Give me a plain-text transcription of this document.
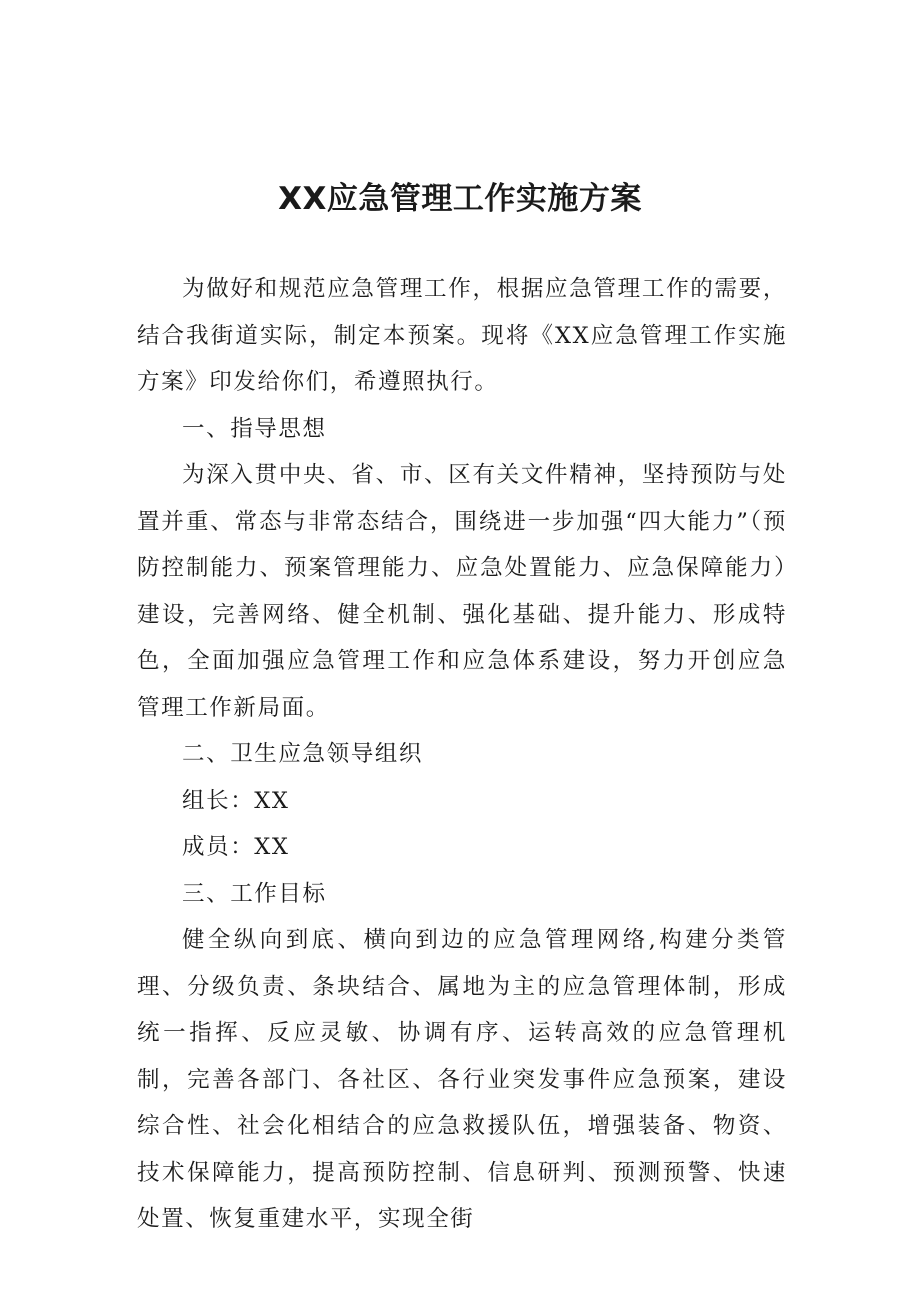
XX应急管理工作实施方案

为做好和规范应急管理工作，根据应急管理工作的需要，结合我街道实际，制定本预案。现将《XX应急管理工作实施方案》印发给你们，希遵照执行。

一、指导思想

为深入贯中央、省、市、区有关文件精神，坚持预防与处置并重、常态与非常态结合，围绕进一步加强“四大能力”（预防控制能力、预案管理能力、应急处置能力、应急保障能力）建设，完善网络、健全机制、强化基础、提升能力、形成特色，全面加强应急管理工作和应急体系建设，努力开创应急管理工作新局面。

二、卫生应急领导组织

组长：XX

成员：XX

三、工作目标

健全纵向到底、横向到边的应急管理网络,构建分类管理、分级负责、条块结合、属地为主的应急管理体制，形成统一指挥、反应灵敏、协调有序、运转高效的应急管理机制，完善各部门、各社区、各行业突发事件应急预案，建设综合性、社会化相结合的应急救援队伍，增强装备、物资、技术保障能力，提高预防控制、信息研判、预测预警、快速处置、恢复重建水平，实现全街
